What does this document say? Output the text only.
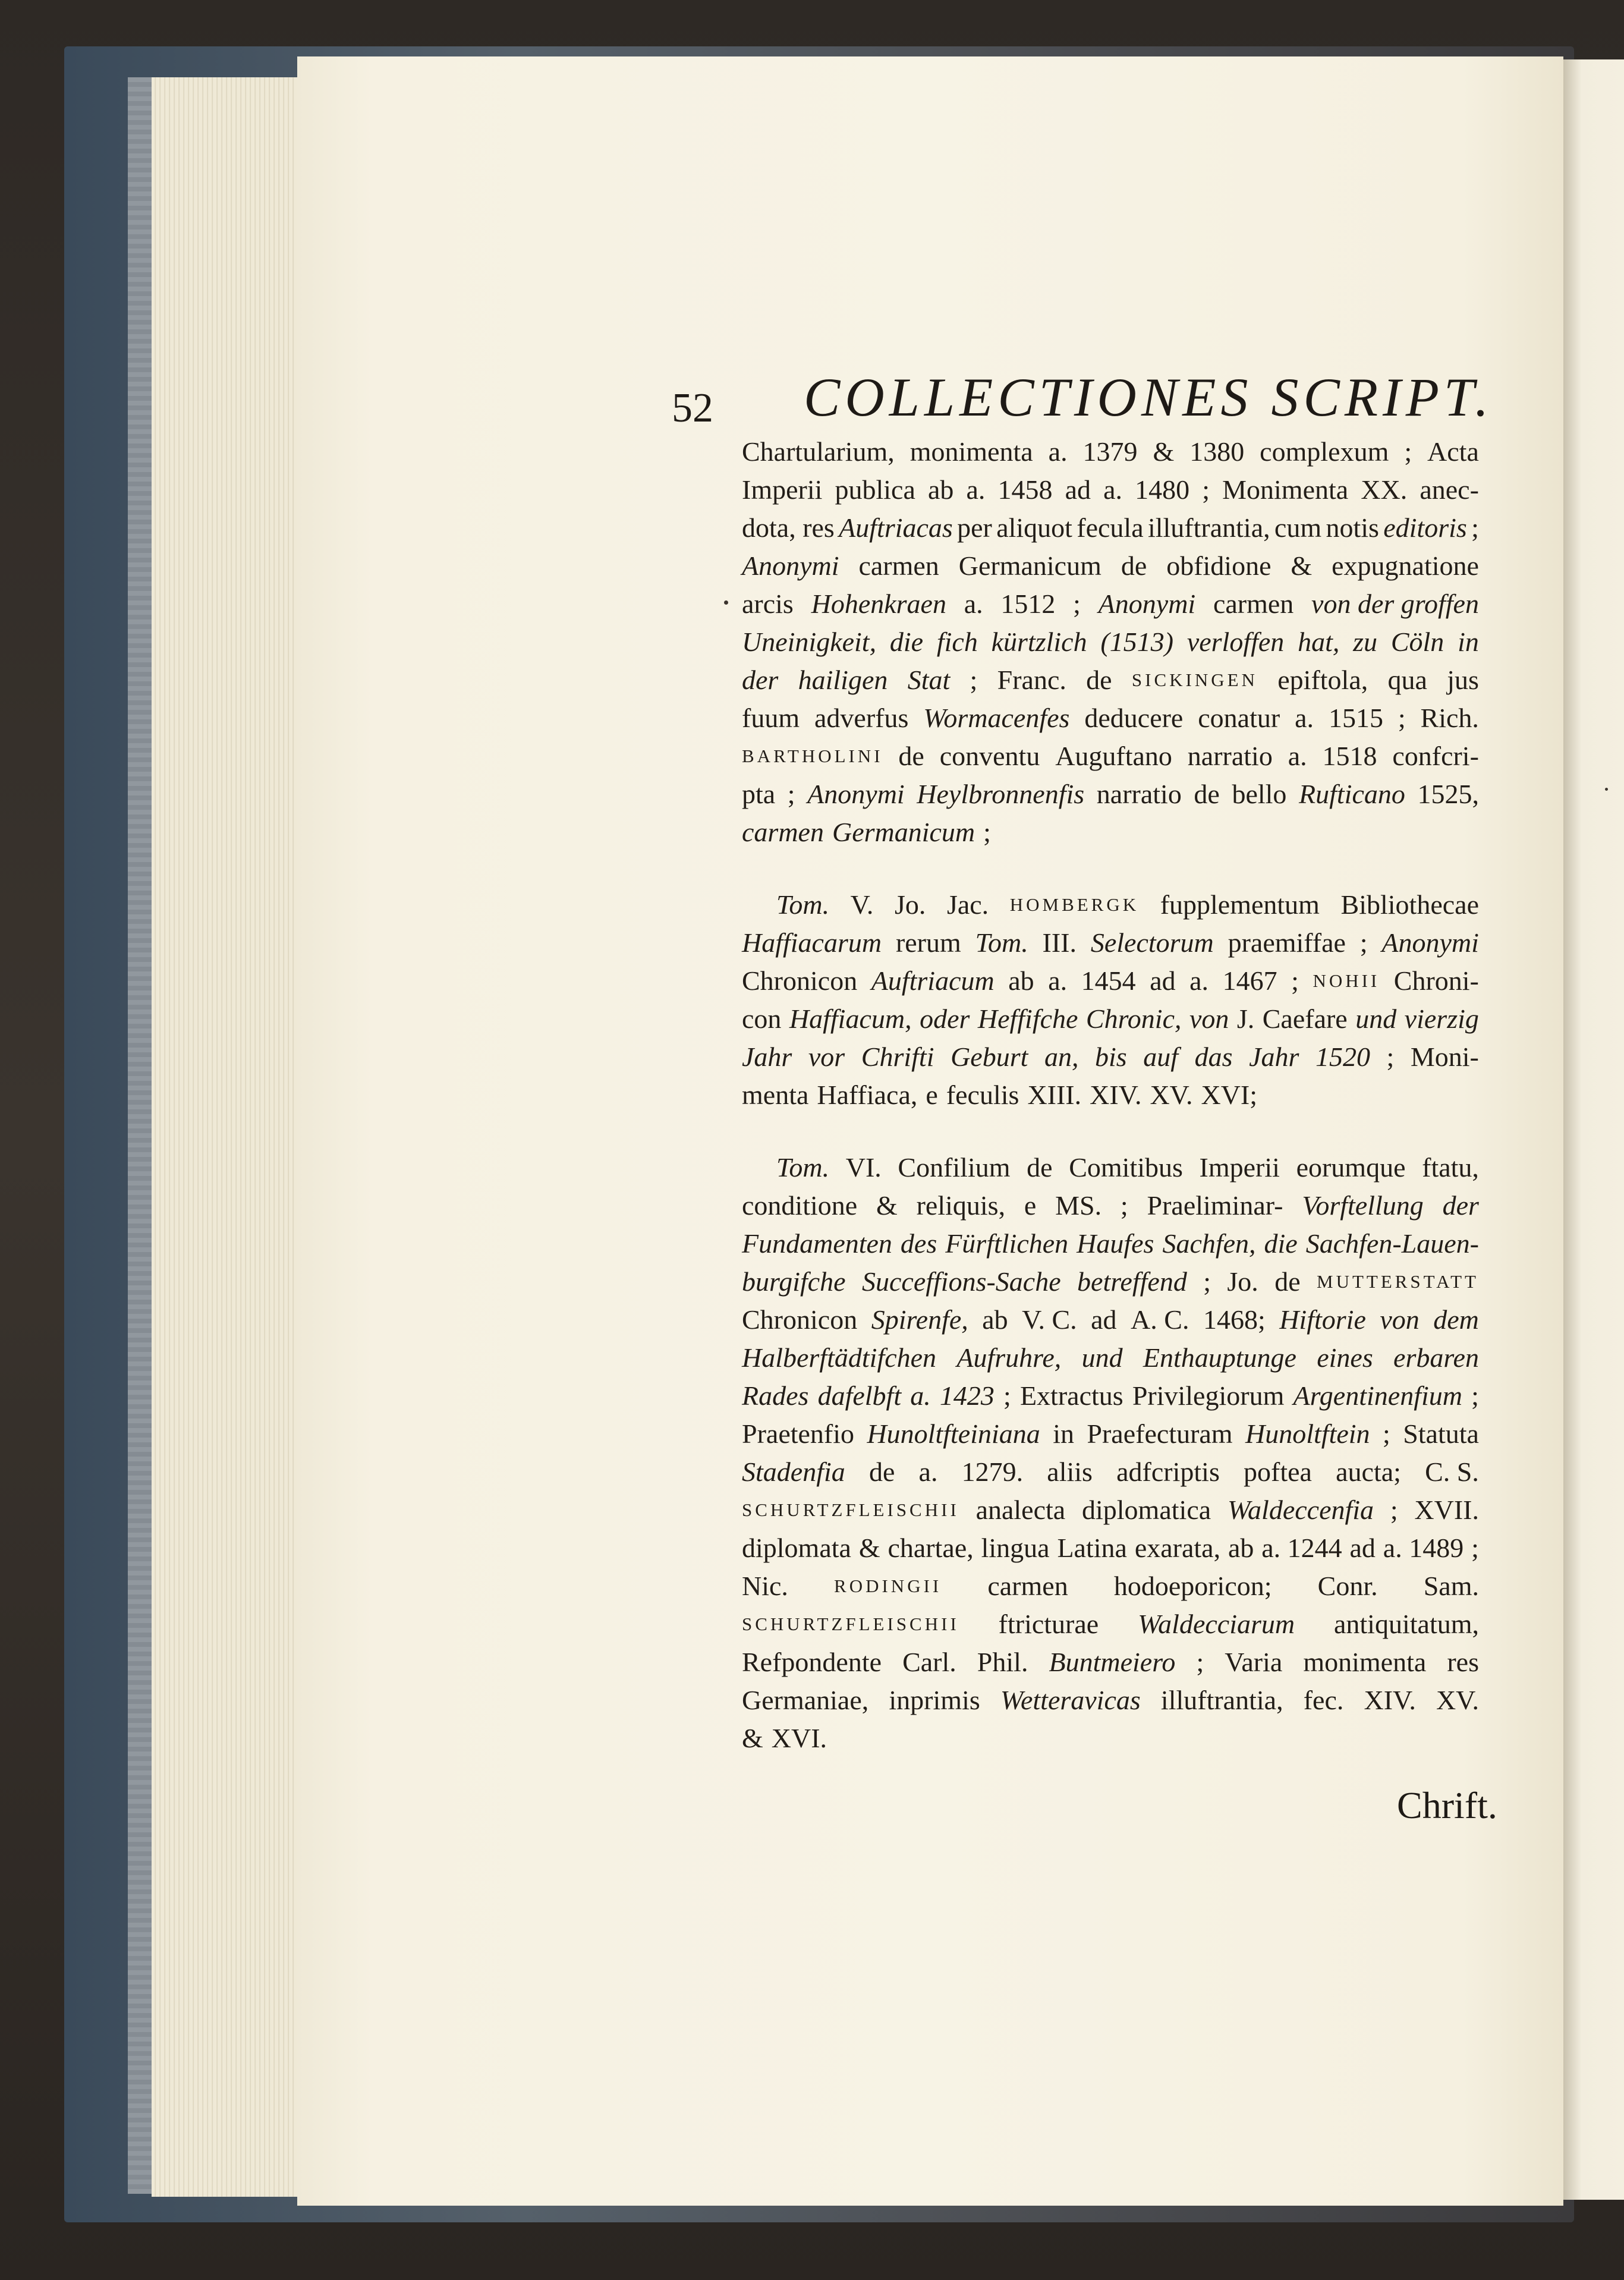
52 COLLECTIONES SCRIPT.
Chartularium, monimenta a. 1379 & 1380 complexum ; Acta
Imperii publica ab a. 1458 ad a. 1480 ; Monimenta XX. anec-
dota, res Auftriacas per aliquot fecula illuftrantia, cum notis editoris ;
Anonymi carmen Germanicum de obfidione & expugnatione
arcis Hohenkraen a. 1512 ; Anonymi carmen von der groffen
Uneinigkeit, die fich kürtzlich (1513) verloffen hat, zu Cöln in
der hailigen Stat ; Franc. de SICKINGEN epiftola, qua jus
fuum adverfus Wormacenfes deducere conatur a. 1515 ; Rich.
BARTHOLINI de conventu Auguftano narratio a. 1518 confcri-
pta ; Anonymi Heylbronnenfis narratio de bello Rufticano 1525,
carmen Germanicum ;
Tom. V. Jo. Jac. HOMBERGK fupplementum Bibliothecae
Haffiacarum rerum Tom. III. Selectorum praemiffae ; Anonymi
Chronicon Auftriacum ab a. 1454 ad a. 1467 ; NOHII Chroni-
con Haffiacum, oder Heffifche Chronic, von J. Caefare und vierzig
Jahr vor Chrifti Geburt an, bis auf das Jahr 1520 ; Moni-
menta Haffiaca, e feculis XIII. XIV. XV. XVI;
Tom. VI. Confilium de Comitibus Imperii eorumque ftatu,
conditione & reliquis, e MS. ; Praeliminar- Vorftellung der
Fundamenten des Fürftlichen Haufes Sachfen, die Sachfen-Lauen-
burgifche Succeffions-Sache betreffend ; Jo. de MUTTERSTATT
Chronicon Spirenfe, ab V. C. ad A. C. 1468; Hiftorie von dem
Halberftädtifchen Aufruhre, und Enthauptunge eines erbaren
Rades dafelbft a. 1423 ; Extractus Privilegiorum Argentinenfium ;
Praetenfio Hunoltfteiniana in Praefecturam Hunoltftein ; Statuta
Stadenfia de a. 1279. aliis adfcriptis poftea aucta; C. S.
SCHURTZFLEISCHII analecta diplomatica Waldeccenfia ; XVII.
diplomata & chartae, lingua Latina exarata, ab a. 1244 ad a. 1489 ;
Nic. RODINGII carmen hodoeporicon; Conr. Sam.
SCHURTZFLEISCHII ftricturae Waldecciarum antiquitatum,
Refpondente Carl. Phil. Buntmeiero ; Varia monimenta res
Germaniae, inprimis Wetteravicas illuftrantia, fec. XIV. XV.
& XVI.
Chrift.
